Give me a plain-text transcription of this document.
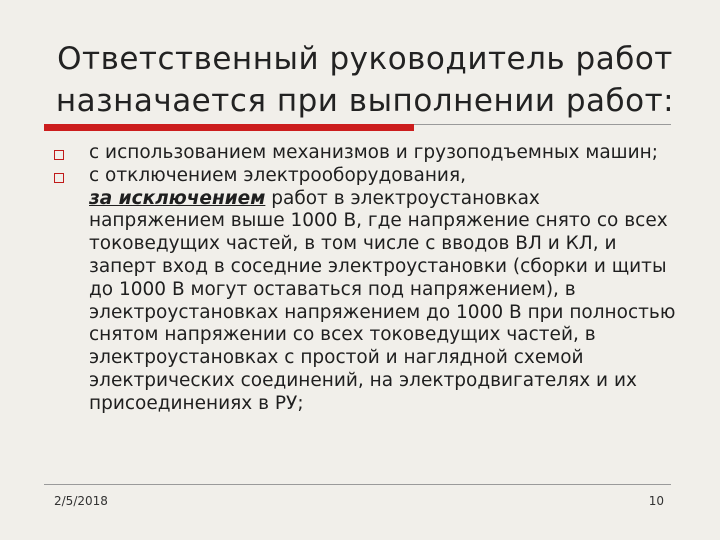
Ответственный руководитель работ
назначается при выполнении работ:
с использованием механизмов и грузоподъемных машин;
с отключением электрооборудования,
за исключением работ в электроустановках напряжением выше 1000 В, где напряжение снято со всех токоведущих частей, в том числе с вводов ВЛ и КЛ, и заперт вход в соседние электроустановки (сборки и щиты до 1000 В могут оставаться под напряжением), в электроустановках напряжением до 1000 В при полностью снятом напряжении со всех токоведущих частей, в электроустановках с простой и наглядной схемой электрических соединений, на электродвигателях и их присоединениях в РУ;
2/5/2018	10
